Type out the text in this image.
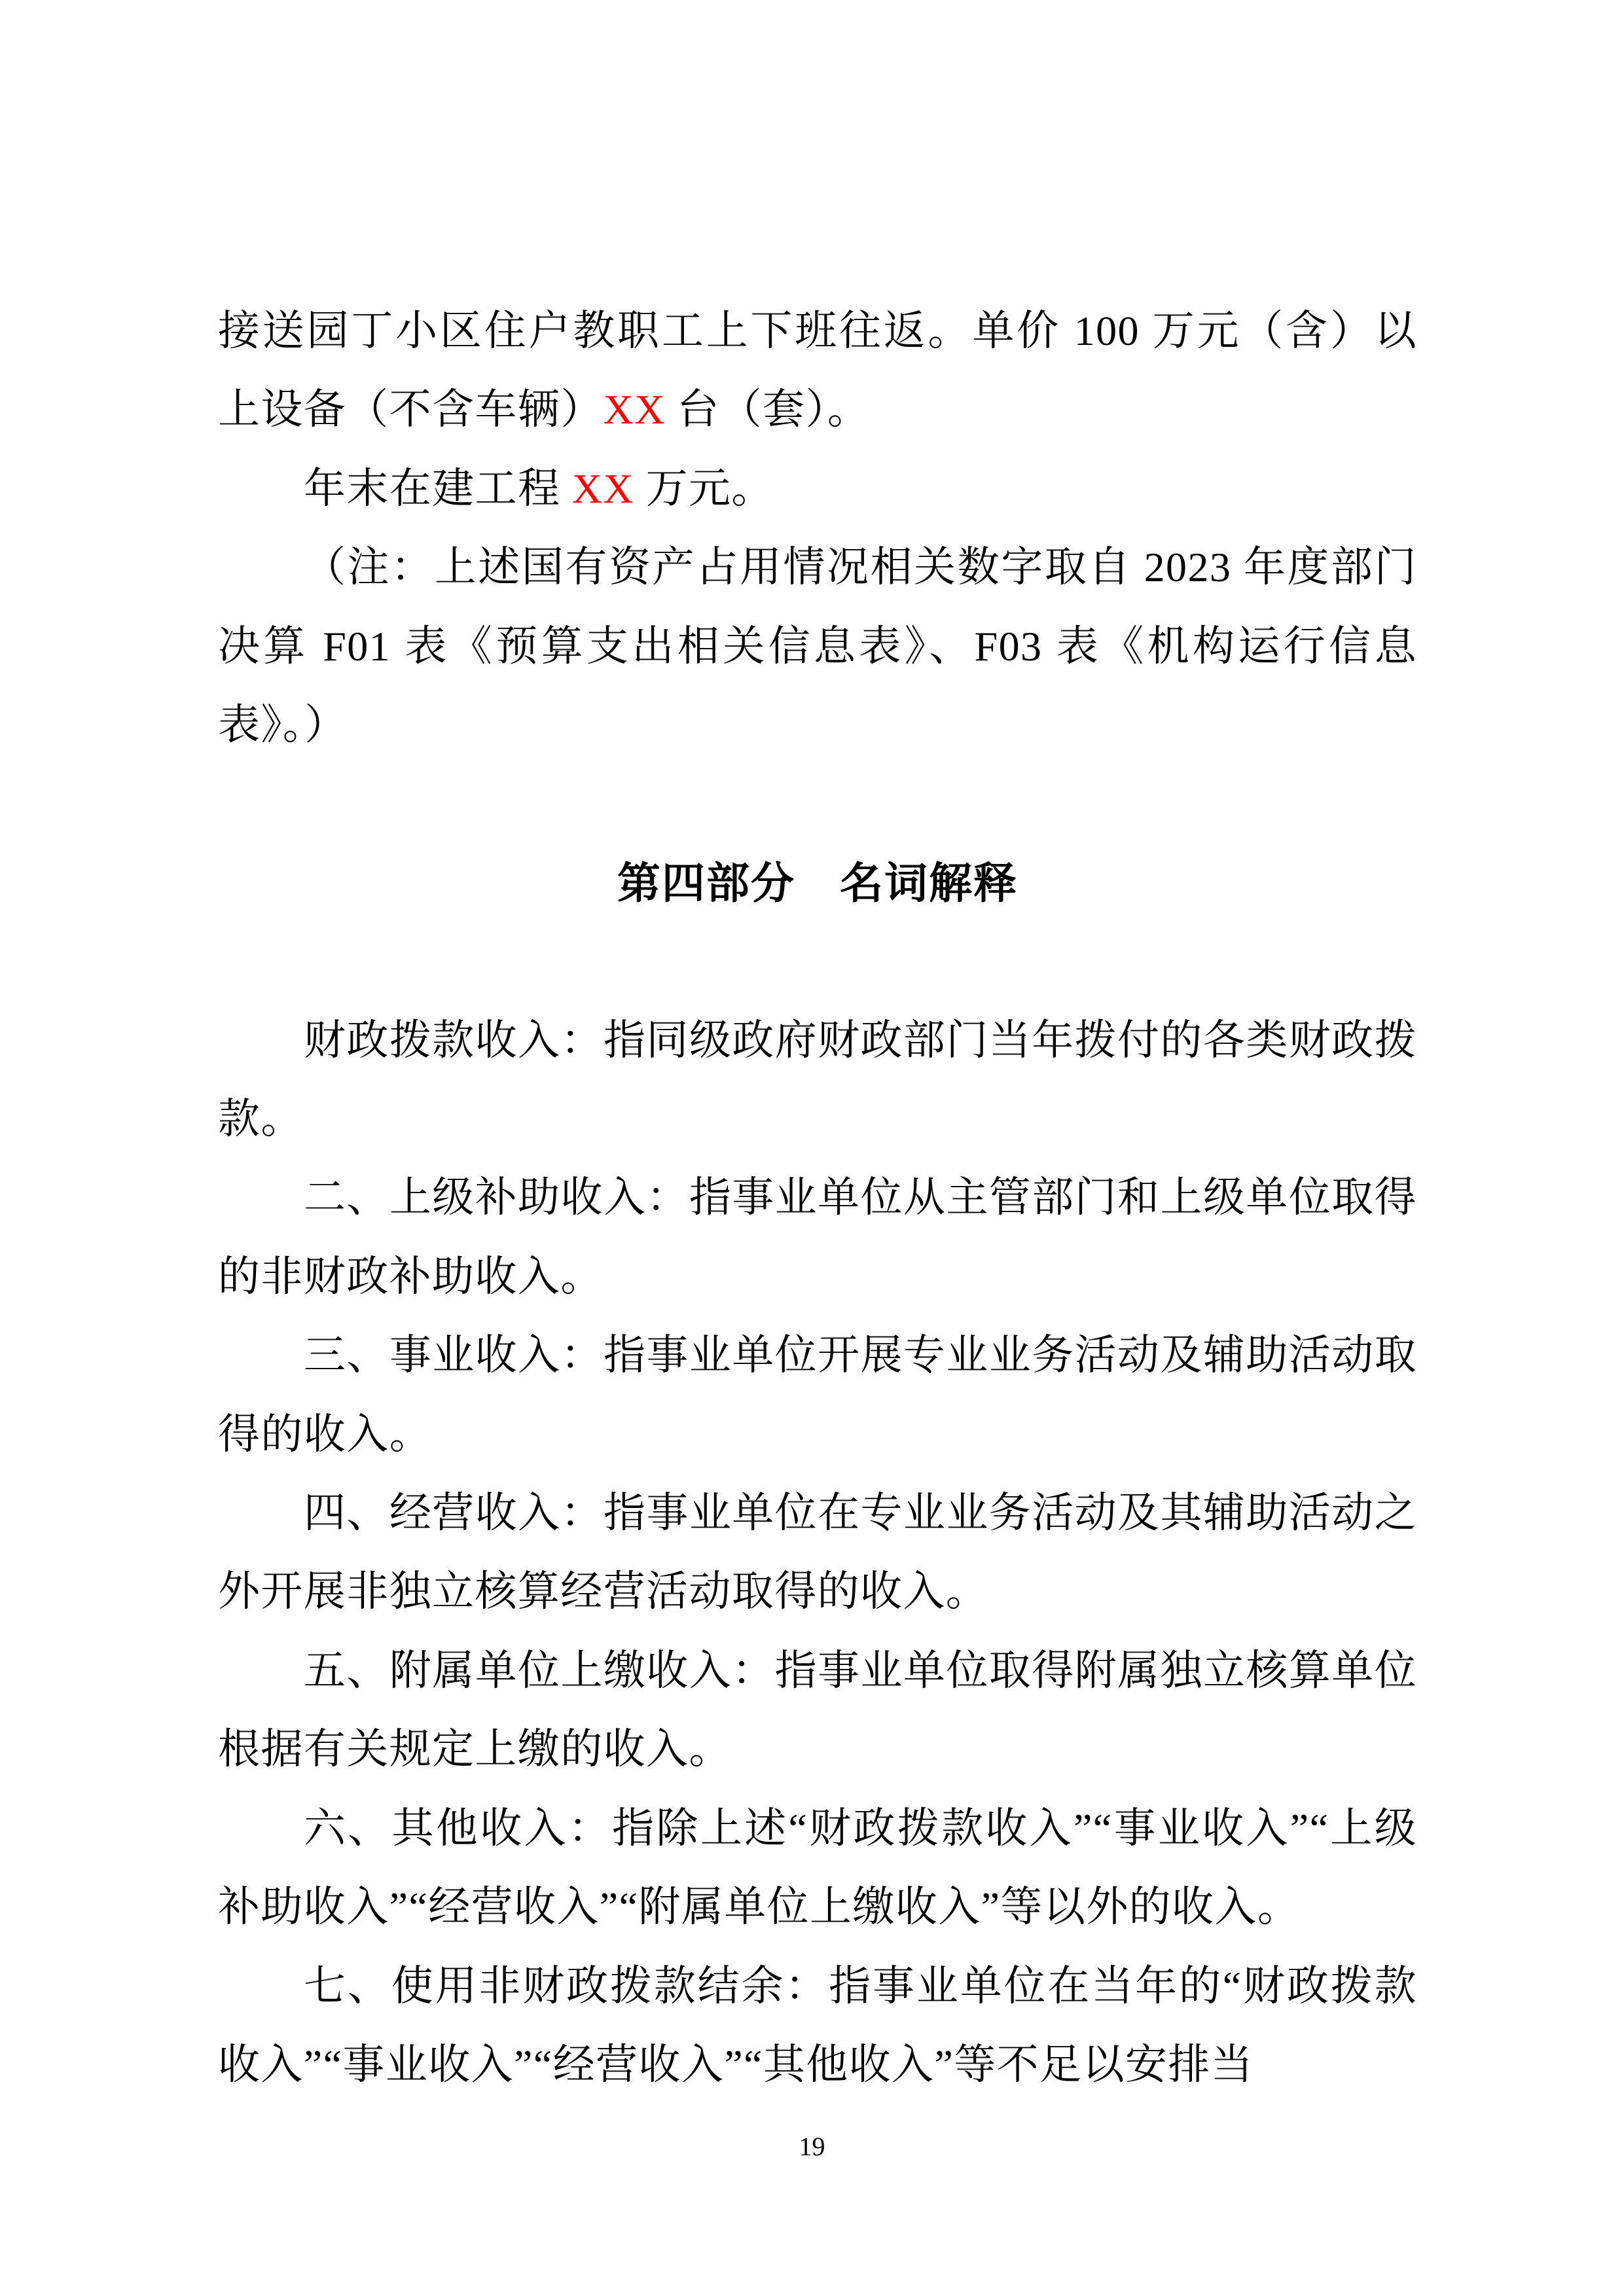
接送园丁小区住户教职工上下班往返。单价 100 万元（含）以上设备（不含车辆）XX 台（套）。

年末在建工程 XX 万元。

（注：上述国有资产占用情况相关数字取自 2023 年度部门决算 F01 表《预算支出相关信息表》、F03 表《机构运行信息表》。）

第四部分　名词解释

财政拨款收入：指同级政府财政部门当年拨付的各类财政拨款。

二、上级补助收入：指事业单位从主管部门和上级单位取得的非财政补助收入。

三、事业收入：指事业单位开展专业业务活动及辅助活动取得的收入。

四、经营收入：指事业单位在专业业务活动及其辅助活动之外开展非独立核算经营活动取得的收入。

五、附属单位上缴收入：指事业单位取得附属独立核算单位根据有关规定上缴的收入。

六、其他收入：指除上述“财政拨款收入”“事业收入”“上级补助收入”“经营收入”“附属单位上缴收入”等以外的收入。

七、使用非财政拨款结余：指事业单位在当年的“财政拨款收入”“事业收入”“经营收入”“其他收入”等不足以安排当

19
